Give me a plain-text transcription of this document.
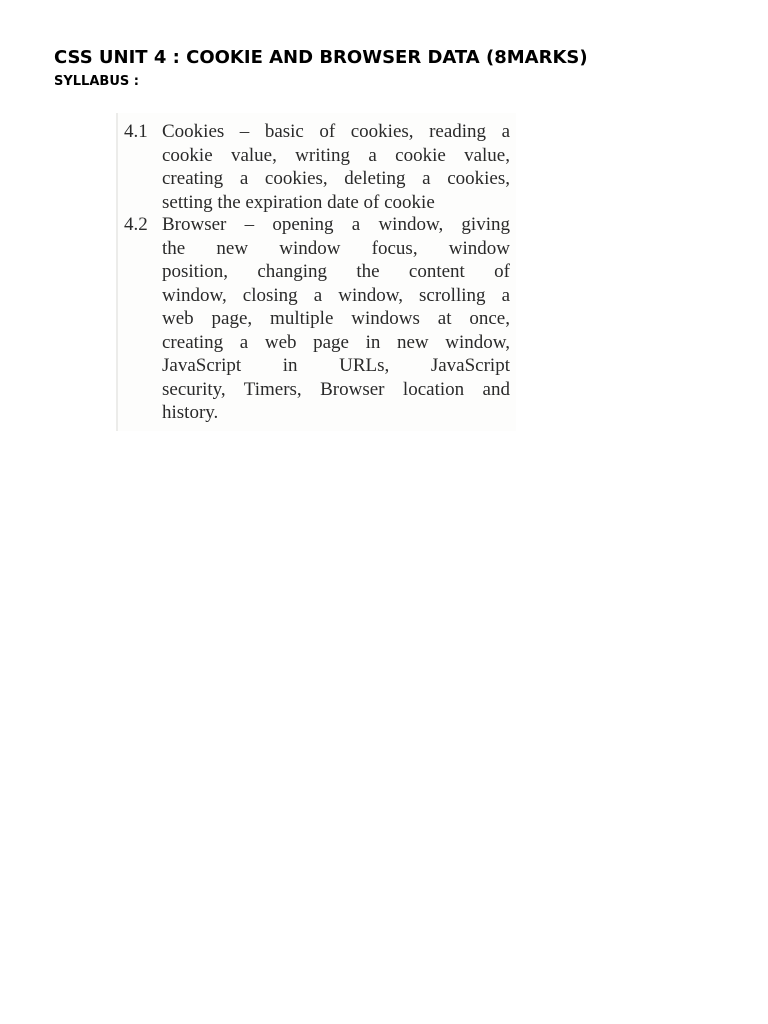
CSS UNIT 4 : COOKIE AND BROWSER DATA (8MARKS)
SYLLABUS :
4.1 Cookies – basic of cookies, reading a
cookie value, writing a cookie value,
creating a cookies, deleting a cookies,
setting the expiration date of cookie
4.2 Browser – opening a window, giving
the new window focus, window
position, changing the content of
window, closing a window, scrolling a
web page, multiple windows at once,
creating a web page in new window,
JavaScript in URLs, JavaScript
security, Timers, Browser location and
history.
